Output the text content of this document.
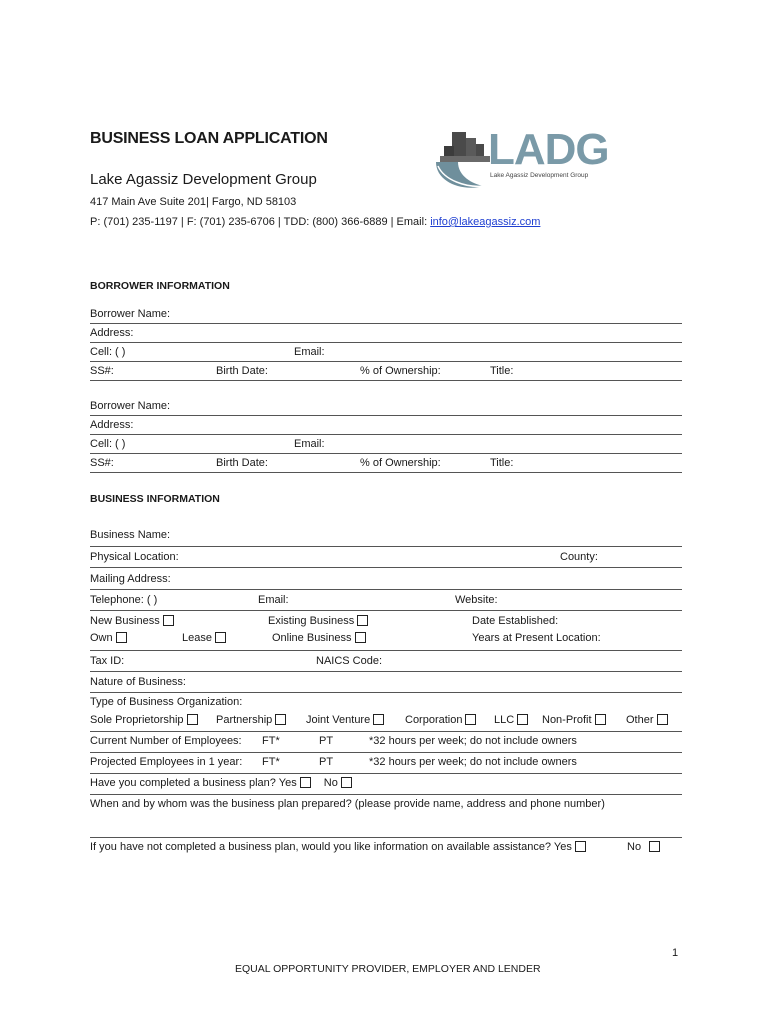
BUSINESS LOAN APPLICATION
Lake Agassiz Development Group
417 Main Ave Suite 201| Fargo, ND 58103
P: (701) 235-1197 | F: (701) 235-6706 | TDD: (800) 366-6889 | Email: info@lakeagassiz.com
LADG
Lake Agassiz Development Group
BORROWER INFORMATION
Borrower Name:
Address:
Cell: ( )	Email:
SS#:	Birth Date:	% of Ownership:	Title:
Borrower Name:
Address:
Cell: ( )	Email:
SS#:	Birth Date:	% of Ownership:	Title:
BUSINESS INFORMATION
Business Name:
Physical Location:	County:
Mailing Address:
Telephone: ( )	Email:	Website:
New Business	Existing Business	Date Established:
Own	Lease	Online Business	Years at Present Location:
Tax ID:	NAICS Code:
Nature of Business:
Type of Business Organization:
Sole Proprietorship	Partnership	Joint Venture	Corporation	LLC	Non-Profit	Other
Current Number of Employees: FT*	PT	*32 hours per week; do not include owners
Projected Employees in 1 year: FT*	PT	*32 hours per week; do not include owners
Have you completed a business plan? Yes No
When and by whom was the business plan prepared? (please provide name, address and phone number)
If you have not completed a business plan, would you like information on available assistance? Yes	No
1
EQUAL OPPORTUNITY PROVIDER, EMPLOYER AND LENDER
